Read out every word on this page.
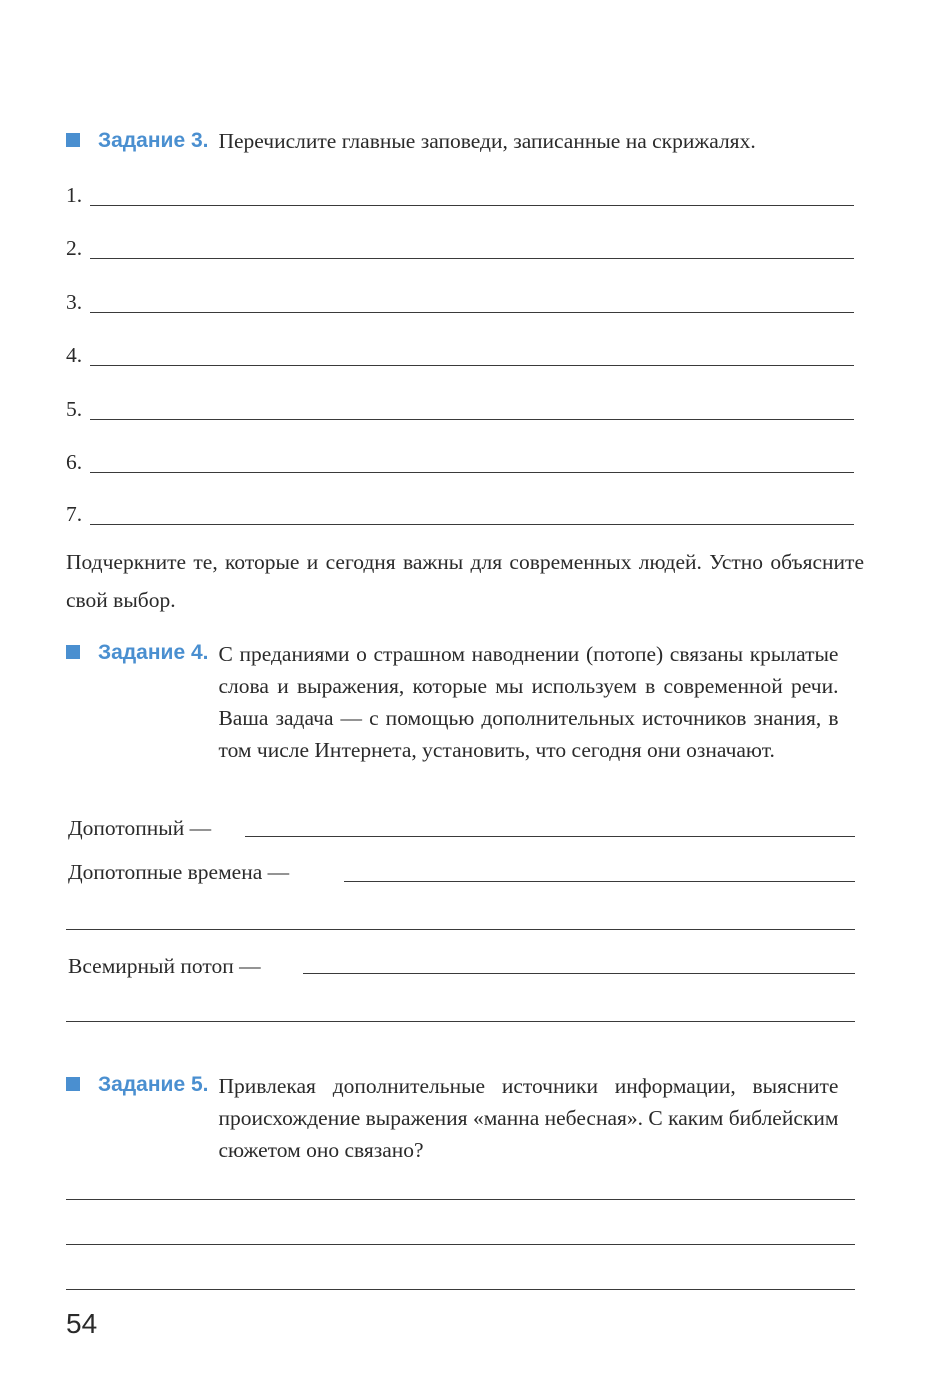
Задание 3. Перечислите главные заповеди, записанные на скрижалях.
1.
2.
3.
4.
5.
6.
7.
Подчеркните те, которые и сегодня важны для современных людей. Устно объясните свой выбор.
Задание 4. С преданиями о страшном наводнении (потопе) связаны крылатые слова и выражения, которые мы используем в современной речи. Ваша задача — с помощью дополнительных источников знания, в том числе Интернета, установить, что сегодня они означают.
Допотопный —
Допотопные времена —
Всемирный потоп —
Задание 5. Привлекая дополнительные источники информации, выясните происхождение выражения «манна небесная». С каким библейским сюжетом оно связано?
54
